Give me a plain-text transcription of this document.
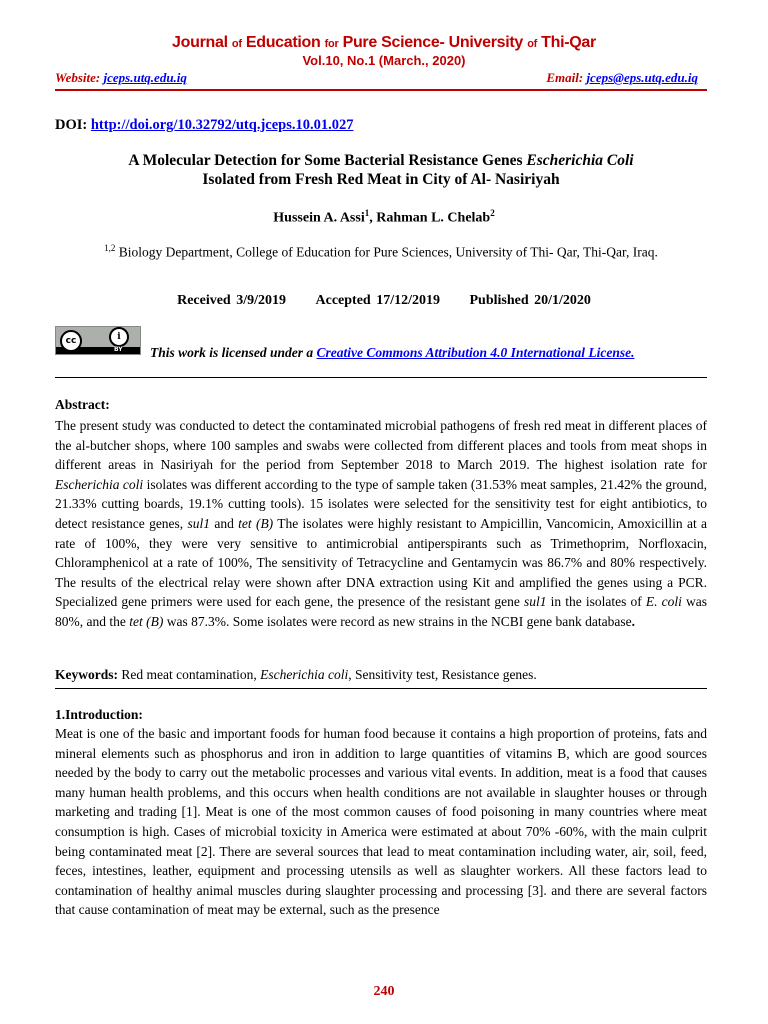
Journal of Education for Pure Science- University of Thi-Qar
Vol.10, No.1 (March., 2020)
Website: jceps.utq.edu.iq	Email: jceps@eps.utq.edu.iq
DOI: http://doi.org/10.32792/utq.jceps.10.01.027
A Molecular Detection for Some Bacterial Resistance Genes Escherichia Coli
Isolated from Fresh Red Meat in City of Al- Nasiriyah
Hussein A. Assi$^1$, Rahman L. Chelab$^2$
$^{1,2}$ Biology Department, College of Education for Pure Sciences, University of Thi- Qar, Thi-Qar, Iraq.
Received 3/9/2019 Accepted 17/12/2019 Published 20/1/2020
cc	i
BY	This work is licensed under a Creative Commons Attribution 4.0 International License.
Abstract:
The present study was conducted to detect the contaminated microbial pathogens of fresh red meat in different places of the al-butcher shops, where 100 samples and swabs were collected from different places and tools from meat shops in different areas in Nasiriyah for the period from September 2018 to March 2019. The highest isolation rate for Escherichia coli isolates was different according to the type of sample taken (31.53% meat samples, 21.42% the ground, 21.33% cutting boards, 19.1% cutting tools). 15 isolates were selected for the sensitivity test for eight antibiotics, to detect resistance genes, sul1 and tet (B) The isolates were highly resistant to Ampicillin, Vancomicin, Amoxicillin at a rate of 100%, they were very sensitive to antimicrobial antiperspirants such as Trimethoprim, Norfloxacin, Chloramphenicol at a rate of 100%, The sensitivity of Tetracycline and Gentamycin was 86.7% and 80% respectively. The results of the electrical relay were shown after DNA extraction using Kit and amplified the genes using a PCR. Specialized gene primers were used for each gene, the presence of the resistant gene sul1 in the isolates of E. coli was 80%, and the tet (B) was 87.3%. Some isolates were record as new strains in the NCBI gene bank database.
Keywords: Red meat contamination, Escherichia coli, Sensitivity test, Resistance genes.
1.Introduction:
Meat is one of the basic and important foods for human food because it contains a high proportion of proteins, fats and mineral elements such as phosphorus and iron in addition to large quantities of vitamins B, which are good sources needed by the body to carry out the metabolic processes and various vital events. In addition, meat is a food that causes many human health problems, and this occurs when health conditions are not available in slaughter houses or through marketing and trading [1]. Meat is one of the most common causes of food poisoning in many countries where meat consumption is high. Cases of microbial toxicity in America were estimated at about 70% -60%, with the main culprit being contaminated meat [2]. There are several sources that lead to meat contamination including water, air, soil, feed, feces, intestines, leather, equipment and processing utensils as well as slaughter workers. All these factors lead to contamination of healthy animal muscles during slaughter processing and processing [3]. and there are several factors that cause contamination of meat may be external, such as the presence
240
